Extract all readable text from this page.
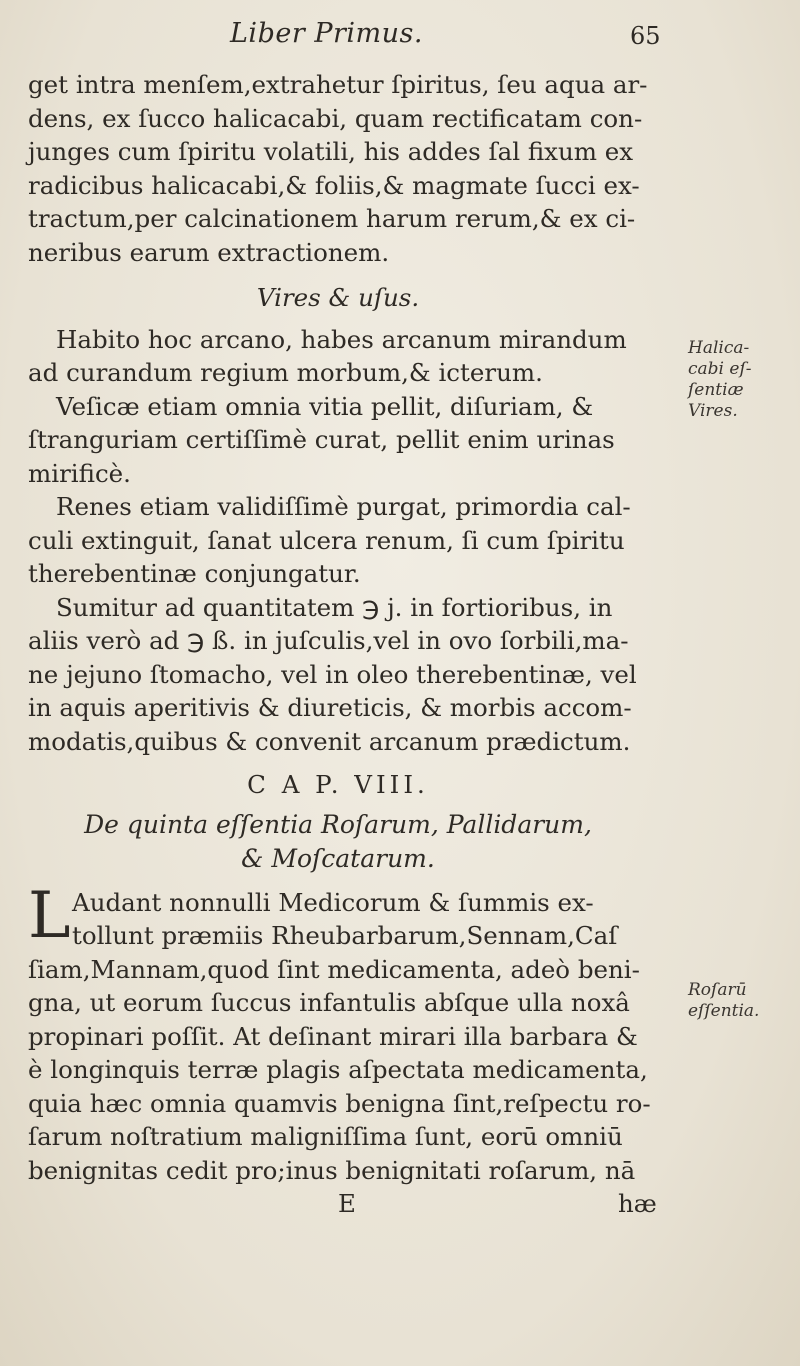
Liber Primus.	65
get intra menſem,extrahetur ſpiritus, ſeu aqua ar-
dens, ex ſucco halicacabi, quam rectificatam con-
junges cum ſpiritu volatili, his addes ſal fixum ex
radicibus halicacabi,& foliis,& magmate ſucci ex-
tractum,per calcinationem harum rerum,& ex ci-
neribus earum extractionem.
Vires & uſus.
Habito hoc arcano, habes arcanum mirandum
ad curandum regium morbum,& icterum.
Veſicæ etiam omnia vitia pellit, diſuriam, &
ſtranguriam certiſſimè curat, pellit enim urinas
mirificè.
Renes etiam validiſſimè purgat, primordia cal-
culi extinguit, ſanat ulcera renum, ſi cum ſpiritu
therebentinæ conjungatur.
Sumitur ad quantitatem ℈ j. in fortioribus, in
aliis verò ad ℈ ß. in juſculis,vel in ovo ſorbili,ma-
ne jejuno ſtomacho, vel in oleo therebentinæ, vel
in aquis aperitivis & diureticis, & morbis accom-
modatis,quibus & convenit arcanum prædictum.
C A P. VIII.
De quinta eſſentia Roſarum, Pallidarum,
& Moſcatarum.
L Audant nonnulli Medicorum & ſummis ex-
tollunt præmiis Rheubarbarum,Sennam,Caſ
ſiam,Mannam,quod ſint medicamenta, adeò beni-
gna, ut eorum ſuccus infantulis abſque ulla noxâ
propinari poſſit. At deſinant mirari illa barbara &
è longinquis terræ plagis aſpectata medicamenta,
quia hæc omnia quamvis benigna ſint,reſpectu ro-
ſarum noſtratium maligniſſima ſunt, eorū omniū
benignitas cedit pro;inus benignitati roſarum, nā
E	hæ
Halica-
cabi eſ-
ſentiæ
Vires.
Roſarū
eſſentia.
